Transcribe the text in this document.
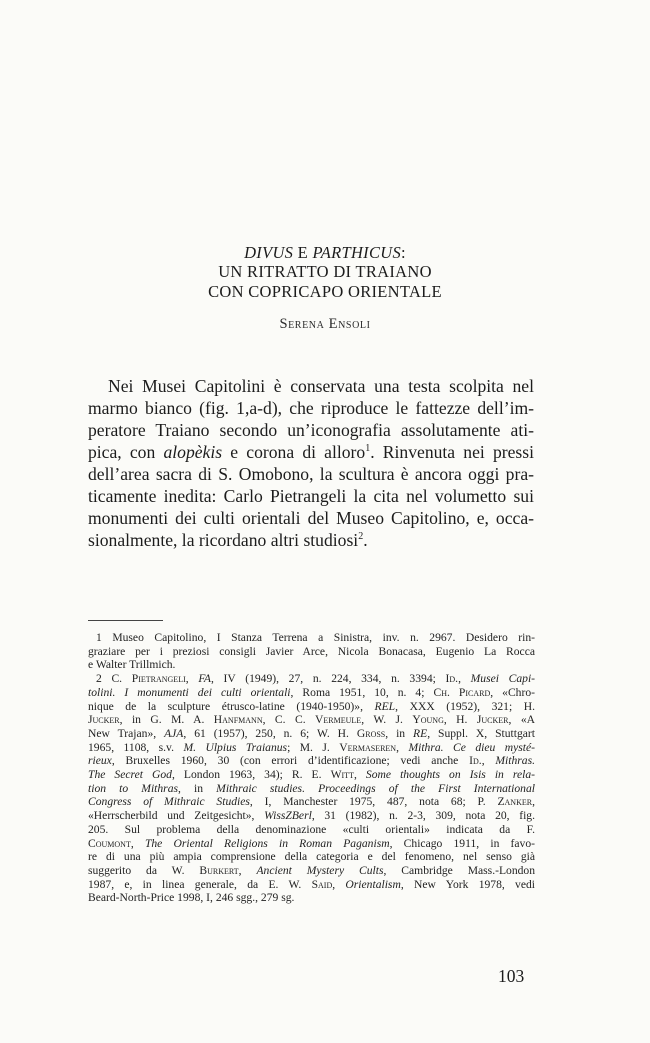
DIVUS E PARTHICUS:
UN RITRATTO DI TRAIANO
CON COPRICAPO ORIENTALE
Serena Ensoli
Nei Musei Capitolini è conservata una testa scolpita nel
marmo bianco (fig. 1,a-d), che riproduce le fattezze dell’im-
peratore Traiano secondo un’iconografia assolutamente ati-
pica, con alopèkis e corona di alloro$^1$. Rinvenuta nei pressi
dell’area sacra di S. Omobono, la scultura è ancora oggi pra-
ticamente inedita: Carlo Pietrangeli la cita nel volumetto sui
monumenti dei culti orientali del Museo Capitolino, e, occa-
sionalmente, la ricordano altri studiosi$^2$.
1 Museo Capitolino, I Stanza Terrena a Sinistra, inv. n. 2967. Desidero rin-
graziare per i preziosi consigli Javier Arce, Nicola Bonacasa, Eugenio La Rocca
e Walter Trillmich.
2 C. Pietrangeli, FA, IV (1949), 27, n. 224, 334, n. 3394; Id., Musei Capi-
tolini. I monumenti dei culti orientali, Roma 1951, 10, n. 4; Ch. Picard, «Chro-
nique de la sculpture étrusco-latine (1940-1950)», REL, XXX (1952), 321; H.
Jucker, in G. M. A. Hanfmann, C. C. Vermeule, W. J. Young, H. Jucker, «A
New Trajan», AJA, 61 (1957), 250, n. 6; W. H. Gross, in RE, Suppl. X, Stuttgart
1965, 1108, s.v. M. Ulpius Traianus; M. J. Vermaseren, Mithra. Ce dieu mysté-
rieux, Bruxelles 1960, 30 (con errori d’identificazione; vedi anche Id., Mithras.
The Secret God, London 1963, 34); R. E. Witt, Some thoughts on Isis in rela-
tion to Mithras, in Mithraic studies. Proceedings of the First International
Congress of Mithraic Studies, I, Manchester 1975, 487, nota 68; P. Zanker,
«Herrscherbild und Zeitgesicht», WissZBerl, 31 (1982), n. 2-3, 309, nota 20, fig.
205. Sul problema della denominazione «culti orientali» indicata da F.
Coumont, The Oriental Religions in Roman Paganism, Chicago 1911, in favo-
re di una più ampia comprensione della categoria e del fenomeno, nel senso già
suggerito da W. Burkert, Ancient Mystery Cults, Cambridge Mass.-London
1987, e, in linea generale, da E. W. Said, Orientalism, New York 1978, vedi
Beard-North-Price 1998, I, 246 sgg., 279 sg.
103
